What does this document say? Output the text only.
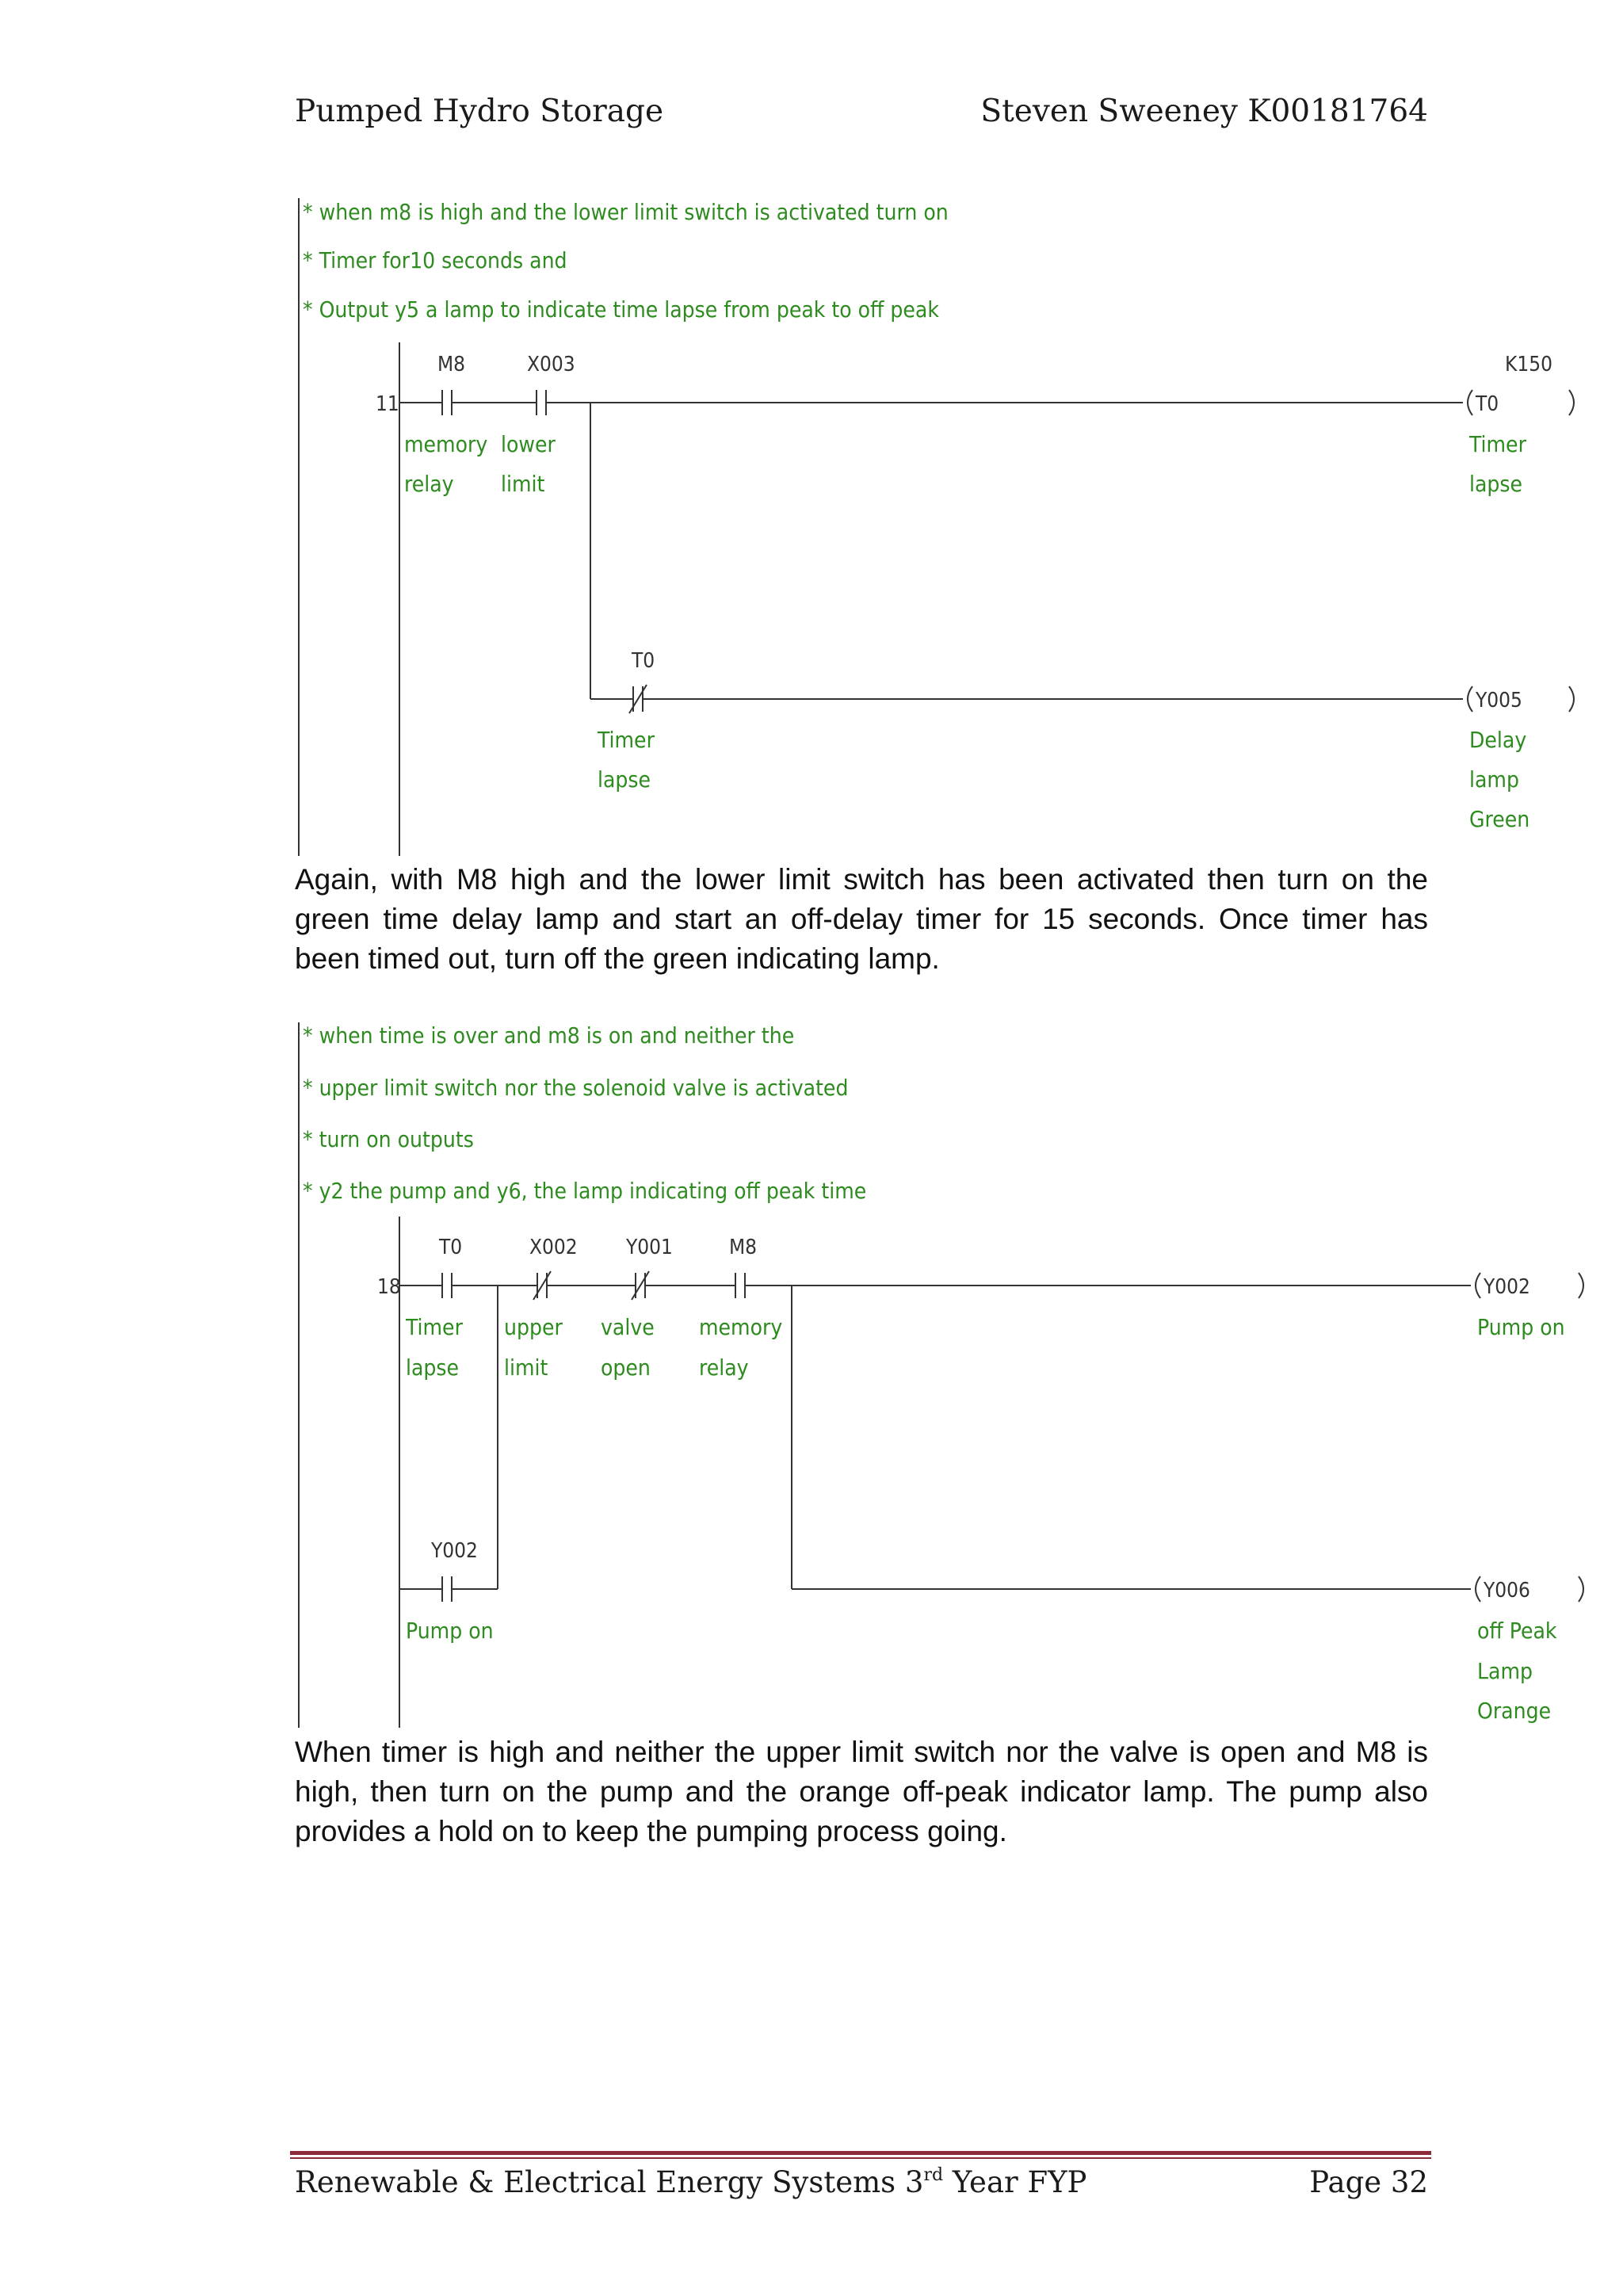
Pumped Hydro Storage	Steven Sweeney K00181764
* when m8 is high and the lower limit switch is activated turn on
* Timer for10 seconds and
* Output y5 a lamp to indicate time lapse from peak to off peak
11
M8	X003
T0
K150
T0
Y005
memory
relay
lower
limit
Timer
lapse
Timer
lapse
Delay
lamp
Green
Again, with M8 high and the lower limit switch has been activated then turn on the green time delay lamp and start an off-delay timer for 15 seconds. Once timer has been timed out, turn off the green indicating lamp.
* when time is over and m8 is on and neither the
* upper limit switch nor the solenoid valve is activated
* turn on outputs
* y2 the pump and y6, the lamp indicating off peak time
18
T0	X002 Y001	M8
Y002
Y002
Y006
Timer
lapse
upper
limit
valve
open
memory
relay
Pump on
Pump on
off Peak
Lamp
Orange
When timer is high and neither the upper limit switch nor the valve is open and M8 is high, then turn on the pump and the orange off-peak indicator lamp. The pump also provides a hold on to keep the pumping process going.
Renewable & Electrical Energy Systems 3rd Year FYP	Page 32
